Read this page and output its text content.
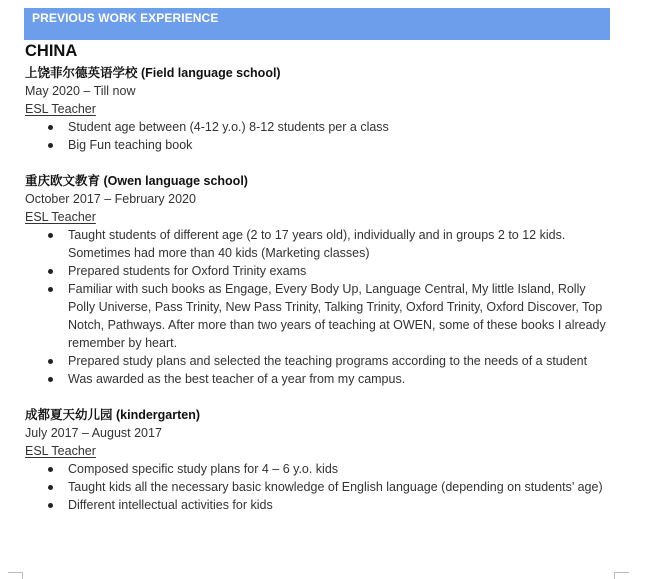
PREVIOUS WORK EXPERIENCE
CHINA
上饶菲尔德英语学校 (Field language school)
May 2020 – Till now
ESL Teacher
Student age between (4-12 y.o.) 8-12 students per a class
Big Fun teaching book
重庆欧文教育 (Owen language school)
October 2017 – February 2020
ESL Teacher
Taught students of different age (2 to 17 years old), individually and in groups 2 to 12 kids. Sometimes had more than 40 kids (Marketing classes)
Prepared students for Oxford Trinity exams
Familiar with such books as Engage, Every Body Up, Language Central, My little Island, Rolly Polly Universe, Pass Trinity, New Pass Trinity, Talking Trinity, Oxford Trinity, Oxford Discover, Top Notch, Pathways. After more than two years of teaching at OWEN, some of these books I already remember by heart.
Prepared study plans and selected the teaching programs according to the needs of a student
Was awarded as the best teacher of a year from my campus.
成都夏天幼儿园 (kindergarten)
July 2017 – August 2017
ESL Teacher
Composed specific study plans for 4 – 6 y.o. kids
Taught kids all the necessary basic knowledge of English language (depending on students’ age)
Different intellectual activities for kids
